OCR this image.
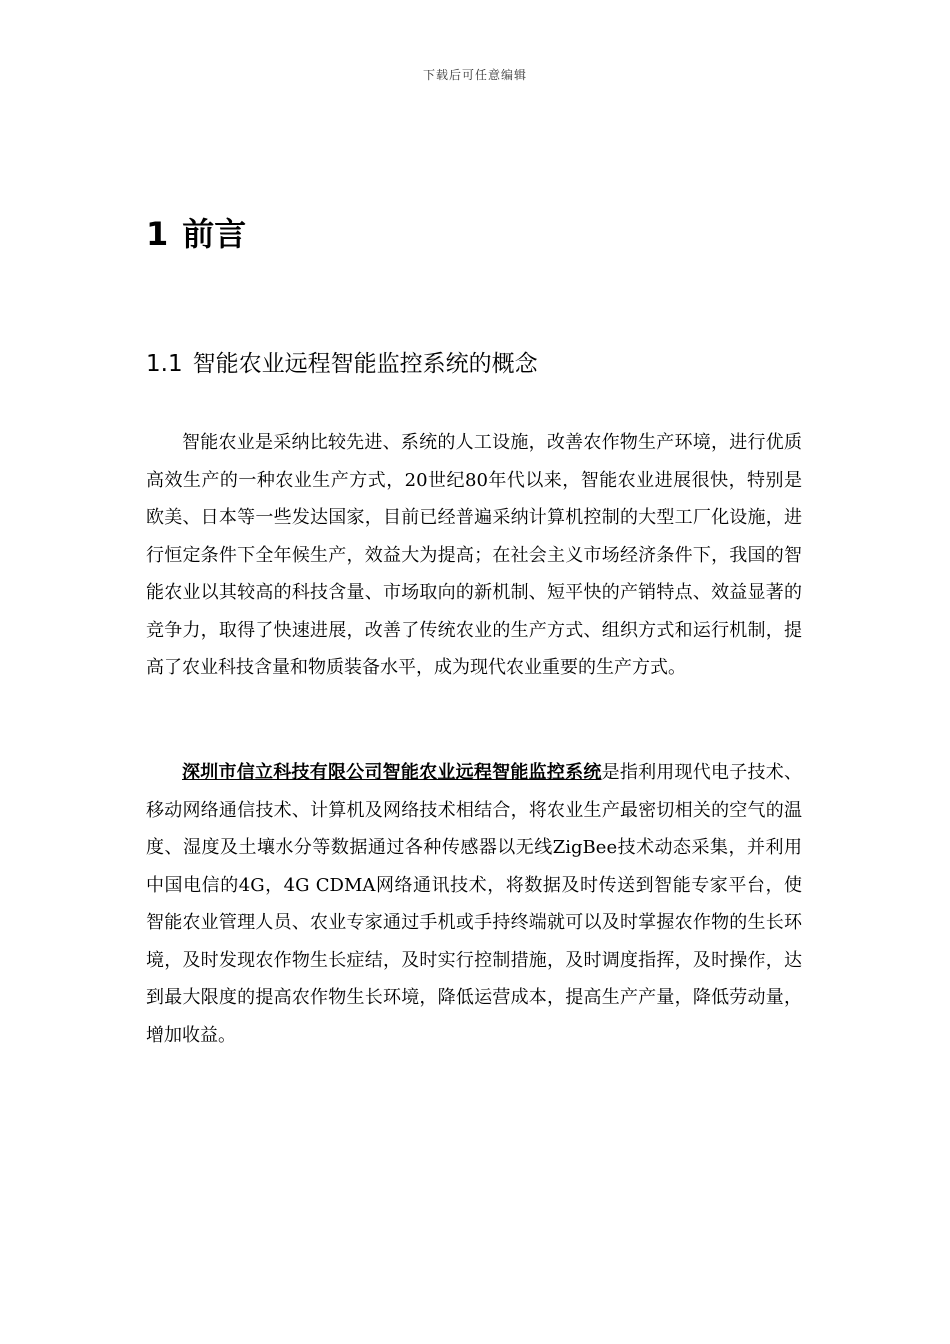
下载后可任意编辑
1 前言
1.1 智能农业远程智能监控系统的概念

智能农业是采纳比较先进、系统的人工设施，改善农作物生产环境，进行优质高效生产的一种农业生产方式，20世纪80年代以来，智能农业进展很快，特别是欧美、日本等一些发达国家，目前已经普遍采纳计算机控制的大型工厂化设施，进行恒定条件下全年候生产，效益大为提高；在社会主义市场经济条件下，我国的智能农业以其较高的科技含量、市场取向的新机制、短平快的产销特点、效益显著的竞争力，取得了快速进展，改善了传统农业的生产方式、组织方式和运行机制，提高了农业科技含量和物质装备水平，成为现代农业重要的生产方式。

深圳市信立科技有限公司智能农业远程智能监控系统是指利用现代电子技术、移动网络通信技术、计算机及网络技术相结合，将农业生产最密切相关的空气的温度、湿度及土壤水分等数据通过各种传感器以无线ZigBee技术动态采集，并利用中国电信的4G，4G CDMA网络通讯技术，将数据及时传送到智能专家平台，使智能农业管理人员、农业专家通过手机或手持终端就可以及时掌握农作物的生长环境，及时发现农作物生长症结，及时实行控制措施，及时调度指挥，及时操作，达到最大限度的提高农作物生长环境，降低运营成本，提高生产产量，降低劳动量，增加收益。
